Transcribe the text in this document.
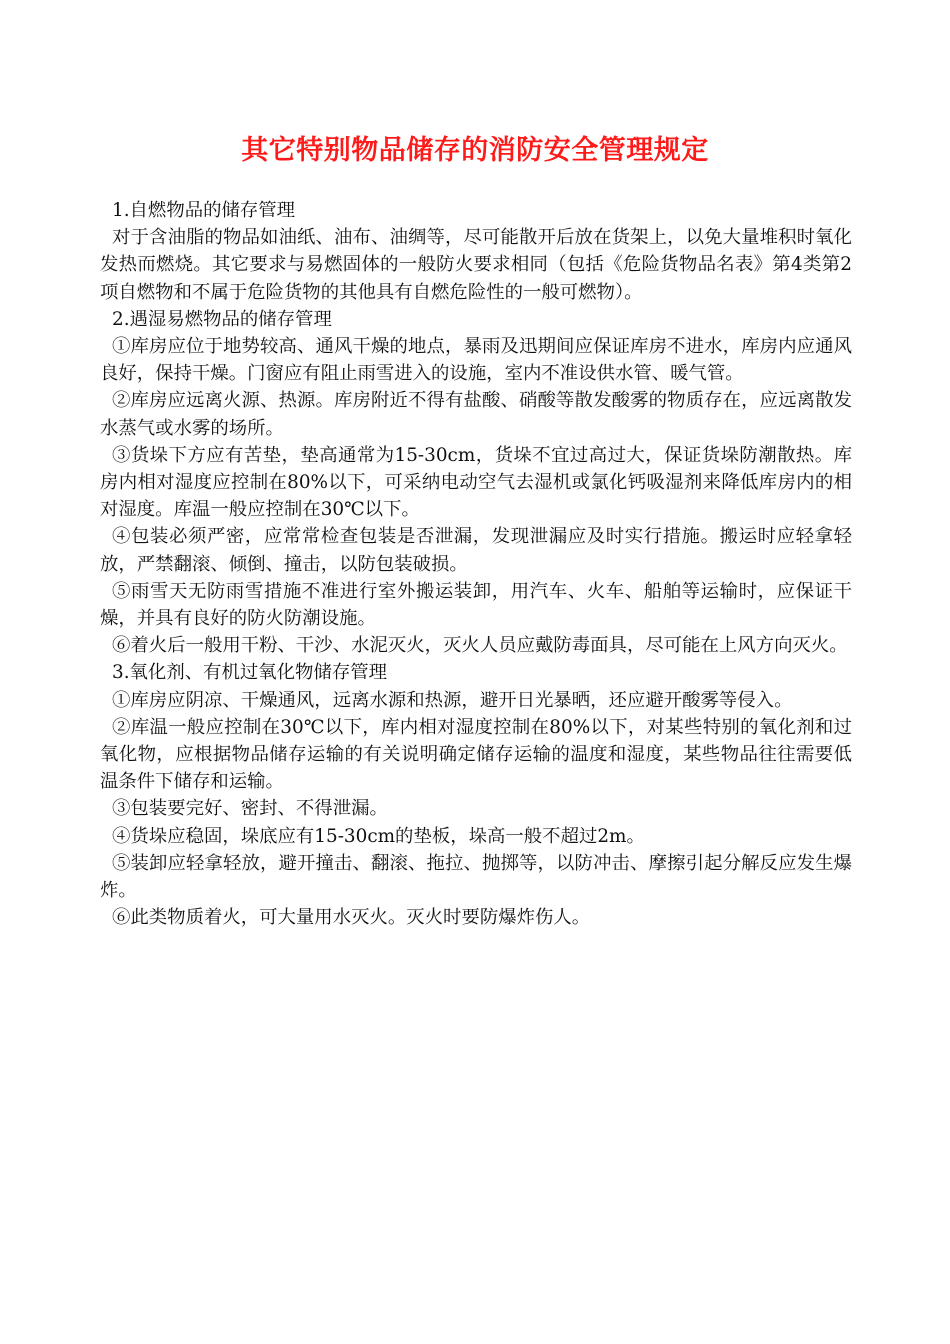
其它特别物品储存的消防安全管理规定

1.自燃物品的储存管理

对于含油脂的物品如油纸、油布、油绸等，尽可能散开后放在货架上，以免大量堆积时氧化发热而燃烧。其它要求与易燃固体的一般防火要求相同（包括《危险货物品名表》第4类第2项自燃物和不属于危险货物的其他具有自燃危险性的一般可燃物）。

2.遇湿易燃物品的储存管理

①库房应位于地势较高、通风干燥的地点，暴雨及迅期间应保证库房不进水，库房内应通风良好，保持干燥。门窗应有阻止雨雪进入的设施，室内不准设供水管、暖气管。

②库房应远离火源、热源。库房附近不得有盐酸、硝酸等散发酸雾的物质存在，应远离散发水蒸气或水雾的场所。

③货垛下方应有苦垫，垫高通常为15-30cm，货垛不宜过高过大，保证货垛防潮散热。库房内相对湿度应控制在80%以下，可采纳电动空气去湿机或氯化钙吸湿剂来降低库房内的相对湿度。库温一般应控制在30℃以下。

④包装必须严密，应常常检查包装是否泄漏，发现泄漏应及时实行措施。搬运时应轻拿轻放，严禁翻滚、倾倒、撞击，以防包装破损。

⑤雨雪天无防雨雪措施不准进行室外搬运装卸，用汽车、火车、船舶等运输时，应保证干燥，并具有良好的防火防潮设施。

⑥着火后一般用干粉、干沙、水泥灭火，灭火人员应戴防毒面具，尽可能在上风方向灭火。

3.氧化剂、有机过氧化物储存管理

①库房应阴凉、干燥通风，远离水源和热源，避开日光暴晒，还应避开酸雾等侵入。

②库温一般应控制在30℃以下，库内相对湿度控制在80%以下，对某些特别的氧化剂和过氧化物，应根据物品储存运输的有关说明确定储存运输的温度和湿度，某些物品往往需要低温条件下储存和运输。

③包装要完好、密封、不得泄漏。

④货垛应稳固，垛底应有15-30cm的垫板，垛高一般不超过2m。

⑤装卸应轻拿轻放，避开撞击、翻滚、拖拉、抛掷等，以防冲击、摩擦引起分解反应发生爆炸。

⑥此类物质着火，可大量用水灭火。灭火时要防爆炸伤人。
